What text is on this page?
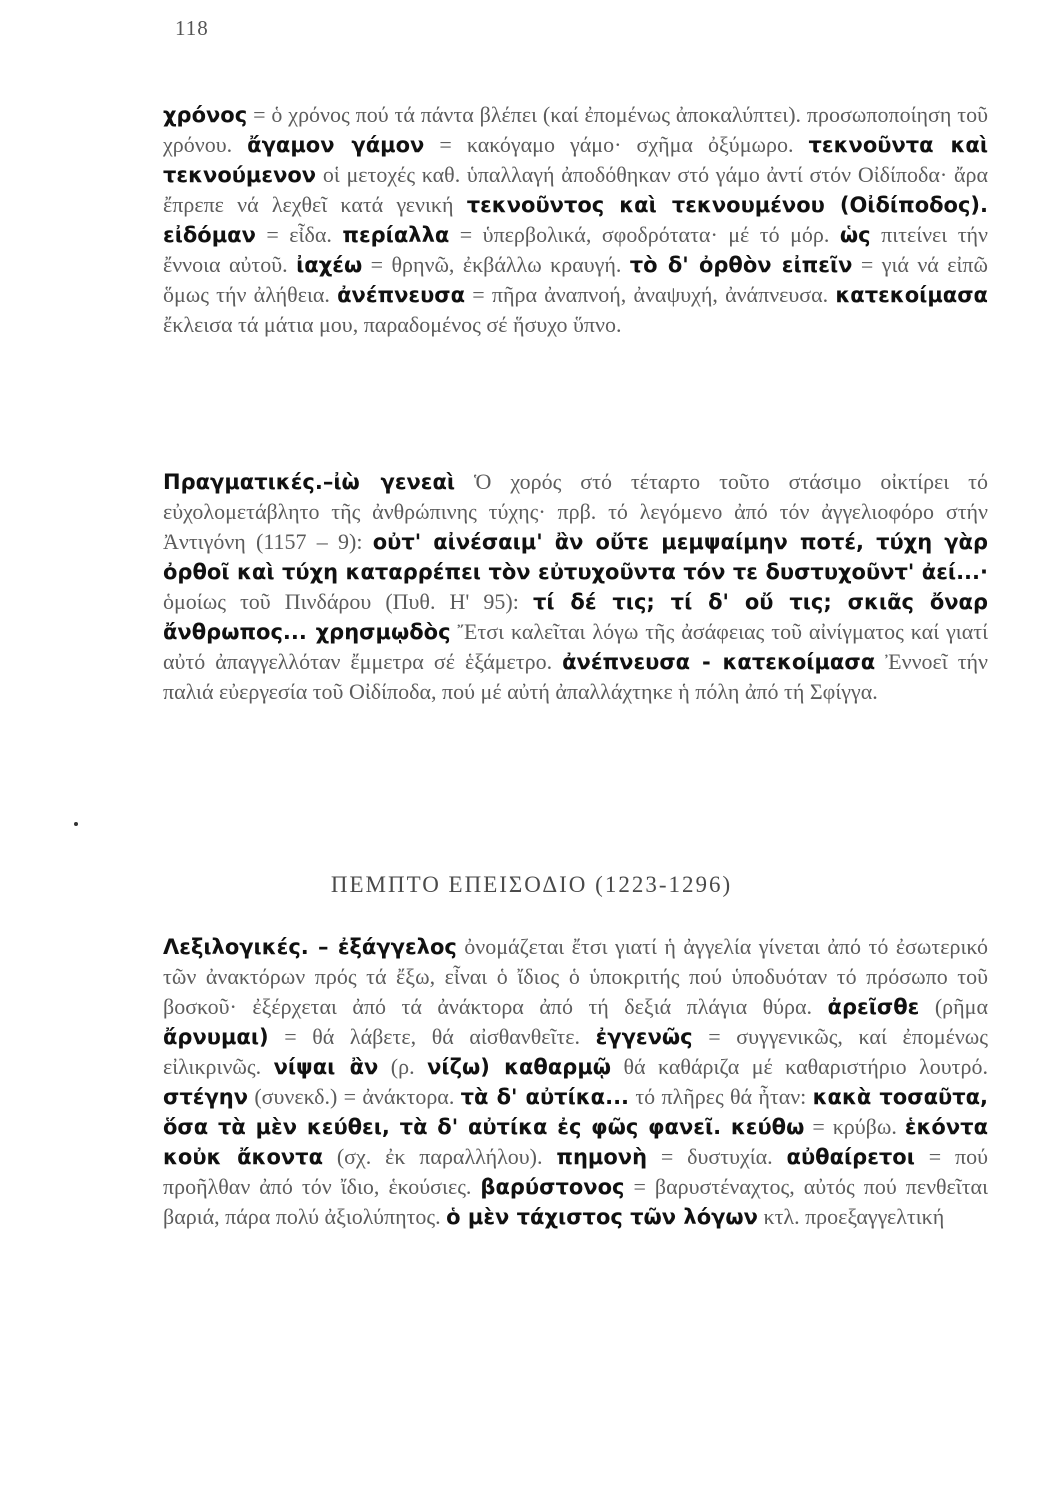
118
χρόνος = ὁ χρόνος πού τά πάντα βλέπει (καί ἐπομένως ἀποκαλύπτει). προσωποποίηση τοῦ χρόνου. ἄγαμον γάμον = κακόγαμο γάμο· σχῆμα ὀξύμωρο. τεκνοῦντα καὶ τεκνούμενον οἱ μετοχές καθ. ὑπαλλαγή ἀποδόθηκαν στό γάμο ἀντί στόν Οἰδίποδα· ἄρα ἔπρεπε νά λεχθεῖ κατά γενική τεκνοῦντος καὶ τεκνουμένου (Οἰδίποδος). εἰδόμαν = εἶδα. περίαλλα = ὑπερβολικά, σφοδρότατα· μέ τό μόρ. ὡς πιτείνει τήν ἔννοια αὐτοῦ. ἰαχέω = θρηνῶ, ἐκβάλλω κραυγή. τὸ δ' ὀρθὸν εἰπεῖν = γιά νά εἰπῶ ὅμως τήν ἀλήθεια. ἀνέπνευσα = πῆρα ἀναπνοή, ἀναψυχή, ἀνάπνευσα. κατεκοίμασα ἔκλεισα τά μάτια μου, παραδομένος σέ ἥσυχο ὕπνο.
Πραγματικές.–ἰὼ γενεαὶ Ὁ χορός στό τέταρτο τοῦτο στάσιμο οἰκτίρει τό εὐχολομετάβλητο τῆς ἀνθρώπινης τύχης· πρβ. τό λεγόμενο ἀπό τόν ἀγγελιοφόρο στήν Ἀντιγόνη (1157 – 9): οὐτ' αἰνέσαιμ' ἂν οὔτε μεμψαίμην ποτέ, τύχη γὰρ ὀρθοῖ καὶ τύχη καταρρέπει τὸν εὐτυχοῦντα τόν τε δυστυχοῦντ' ἀεί...· ὁμοίως τοῦ Πινδάρου (Πυθ. Η' 95): τί δέ τις; τί δ' οὔ τις; σκιᾶς ὄναρ ἄνθρωπος... χρησμῳδὸς Ἔτσι καλεῖται λόγω τῆς ἀσάφειας τοῦ αἰνίγματος καί γιατί αὐτό ἀπαγγελλόταν ἔμμετρα σέ ἑξάμετρο. ἀνέπνευσα - κατεκοίμασα Ἐννοεῖ τήν παλιά εὐεργεσία τοῦ Οἰδίποδα, πού μέ αὐτή ἀπαλλάχτηκε ἡ πόλη ἀπό τή Σφίγγα.
ΠΕΜΠΤΟ ΕΠΕΙΣΟΔΙΟ (1223-1296)
Λεξιλογικές. – ἐξάγγελος ὀνομάζεται ἔτσι γιατί ἡ ἀγγελία γίνεται ἀπό τό ἐσωτερικό τῶν ἀνακτόρων πρός τά ἔξω, εἶναι ὁ ἴδιος ὁ ὑποκριτής πού ὑποδυόταν τό πρόσωπο τοῦ βοσκοῦ· ἐξέρχεται ἀπό τά ἀνάκτορα ἀπό τή δεξιά πλάγια θύρα. ἀρεῖσθε (ρῆμα ἄρνυμαι) = θά λάβετε, θά αἰσθανθεῖτε. ἐγγενῶς = συγγενικῶς, καί ἐπομένως εἰλικρινῶς. νίψαι ἂν (ρ. νίζω) καθαρμῷ θά καθάριζα μέ καθαριστήριο λουτρό. στέγην (συνεκδ.) = ἀνάκτορα. τὰ δ' αὐτίκα... τό πλῆρες θά ἦταν: κακὰ τοσαῦτα, ὅσα τὰ μὲν κεύθει, τὰ δ' αὐτίκα ἐς φῶς φανεῖ. κεύθω = κρύβω. ἑκόντα κοὐκ ἄκοντα (σχ. ἐκ παραλλήλου). πημονὴ = δυστυχία. αὐθαίρετοι = πού προῆλθαν ἀπό τόν ἴδιο, ἑκούσιες. βαρύστονος = βαρυστέναχτος, αὐτός πού πενθεῖται βαριά, πάρα πολύ ἀξιολύπητος. ὁ μὲν τάχιστος τῶν λόγων κτλ. προεξαγγελτική
